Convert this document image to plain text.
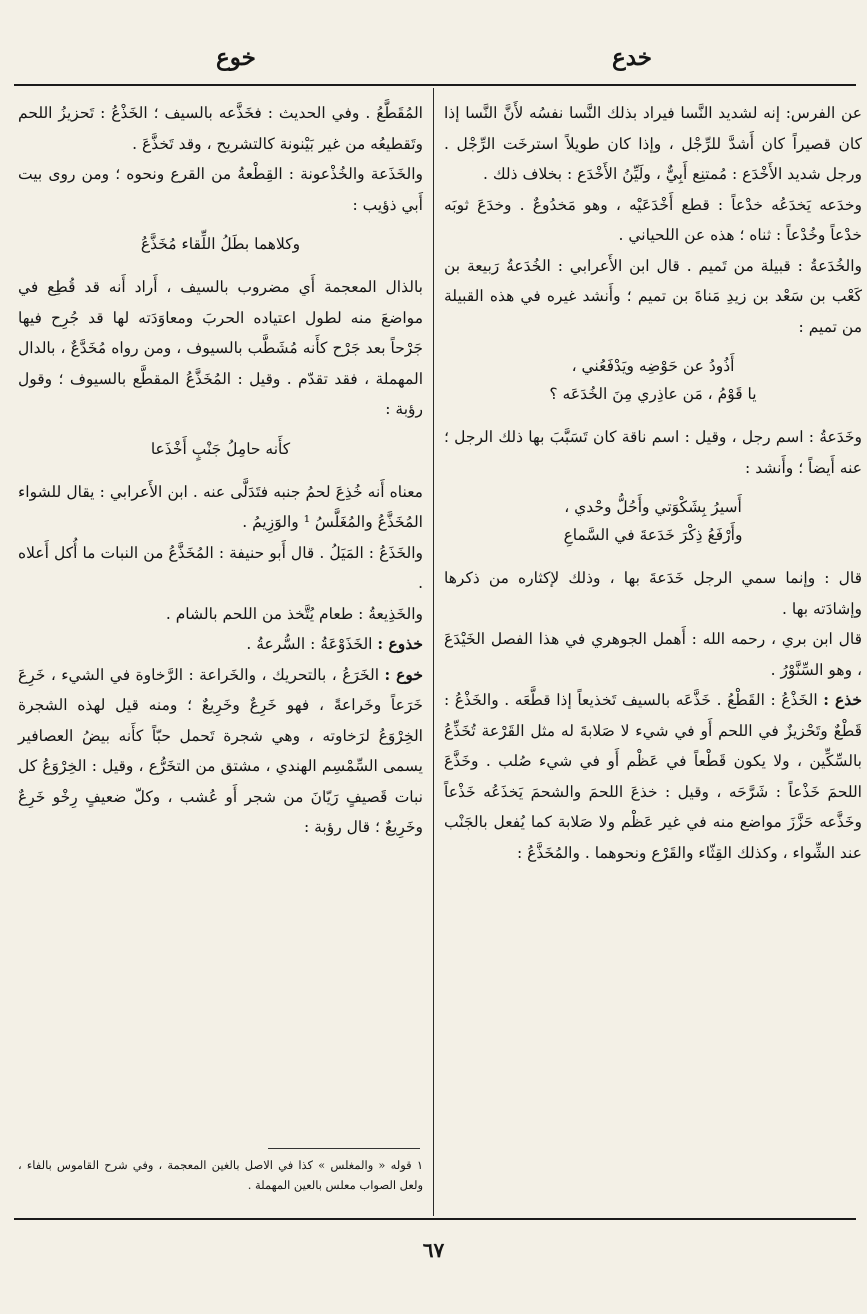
خدع
خوع

عن الفرس: إنه لشديد النَّسا فيراد بذلك النَّسا نفسُه لأَنَّ النَّسا إذا كان قصيراً كان أَشدَّ للرِّجْل ، وإذا كان طويلاً استرخَت الرِّجْل . ورجل شديد الأَخْدَع : مُمتنِع أَبِيٌّ ، ولَيِّنُ الأَخْدَع : بخلاف ذلك .

وخدَعه يَخدَعُه خدْعاً : قطع أَخْدَعَيْه ، وهو مَخدُوعٌ . وخدَعَ ثوبَه خدْعاً وخُدْعاً : ثناه ؛ هذه عن اللحياني .

والخُدَعةُ : قبيلة من تَميم . قال ابن الأَعرابي : الخُدَعةُ رَبيعة بن كَعْب بن سَعْد بن زيدِ مَناةَ بن تميم ؛ وأَنشد غيره في هذه القبيلة من تميم :

أَذُودُ عن حَوْضِه ويَدْفَعُني ،

يا قَوْمُ ، مَن عاذِري مِنَ الخُدَعَه ؟

وخَدَعةُ : اسم رجل ، وقيل : اسم ناقة كان تَسَبَّبَ بها ذلك الرجل ؛ عنه أَيضاً ؛ وأَنشد :

أَسيرُ بِشَكْوَتي وأَحُلُّ وحْدي ،

وأَرْفَعُ ذِكْرَ خَدَعةَ في السَّماعِ

قال : وإنما سمي الرجل خَدَعةَ بها ، وذلك لإكثاره من ذكرها وإشادَته بها .

قال ابن بري ، رحمه الله : أَهمل الجوهري في هذا الفصل الخَيْدَعَ ، وهو السِّنَّوْرُ .

خذع : الخَذْعُ : القَطْعُ . خَذَّعَه بالسيف تَخذيعاً إذا قطَّعَه . والخَذْعُ : قَطْعٌ وتَحْزيزٌ في اللحم أَو في شيء لا صَلابةَ له مثل القَرْعة تُخَذِّعُ بالسِّكِّين ، ولا يكون قَطْعاً في عَظْم أَو في شيء صُلب . وخَذَّعَ اللحمَ خَذْعاً : شَرَّحَه ، وقيل : خذعَ اللحمَ والشحمَ يَخذَعُه خَذْعاً وخَذَّعه حَزَّزَ مواضع منه في غير عَظْم ولا صَلابة كما يُفعل بالجَنْب عند الشِّواء ، وكذلك القِثّاء والقَرْع ونحوهما . والمُخَذَّعُ :

المُقَطَّعُ . وفي الحديث : فخَذَّعه بالسيف ؛ الخَذْعُ : تَحزيزُ اللحم وتَقطيعُه من غير بَيْنونة كالتشريح ، وقد تَخذَّعَ .

والخَذَعة والخُذْعونة : القِطْعةُ من القرع ونحوه ؛ ومن روى بيت أَبي ذؤيب :

وكلاهما بطَلُ اللِّقاء مُخَذَّعُ

بالذال المعجمة أَي مضروب بالسيف ، أَراد أَنه قد قُطِع في مواضعَ منه لطول اعتياده الحربَ ومعاوَدَته لها قد جُرِح فيها جَرْحاً بعد جَرْح كأَنه مُشَطَّب بالسيوف ، ومن رواه مُخَدَّعٌ ، بالدال المهملة ، فقد تقدّم . وقيل : المُخَذَّعُ المقطَّع بالسيوف ؛ وقول رؤبة :

كأَنه حامِلُ جَنْبٍ أَخْذَعا

معناه أَنه خُذِعَ لحمُ جنبه فتَدَلَّى عنه . ابن الأَعرابي : يقال للشواء المُخَذَّعُ والمُغَلَّسُ ¹ والوَزِيمُ .

والخَذَعُ : المَيَلُ . قال أَبو حنيفة : المُخَذَّعُ من النبات ما أُكل أَعلاه .

والخَذِيعةُ : طعام يُتَّخذ من اللحم بالشام .

خذوع : الخَذَوْعَةُ : السُّرعةُ .

خوع : الخَرَعُ ، بالتحريك ، والخَراعة : الرَّخاوة في الشيء ، خَرِعَ خَرَعاً وخَراعةً ، فهو خَرِعٌ وخَرِيعٌ ؛ ومنه قيل لهذه الشجرة الخِرْوَعُ لرَخاوته ، وهي شجرة تَحمل حبّاً كأَنه بيضُ العصافير يسمى السِّمْسِم الهندي ، مشتق من التخَرُّع ، وقيل : الخِرْوَعُ كل نبات قَصيفٍ رَيّانَ من شجر أَو عُشب ، وكلّ ضعيفٍ رِخْو خَرِعٌ وخَرِيعٌ ؛ قال رؤبة :

١ قوله « والمغلس » كذا في الاصل بالغين المعجمة ، وفي شرح القاموس بالفاء ، ولعل الصواب معلس بالعين المهملة .
٦٧
